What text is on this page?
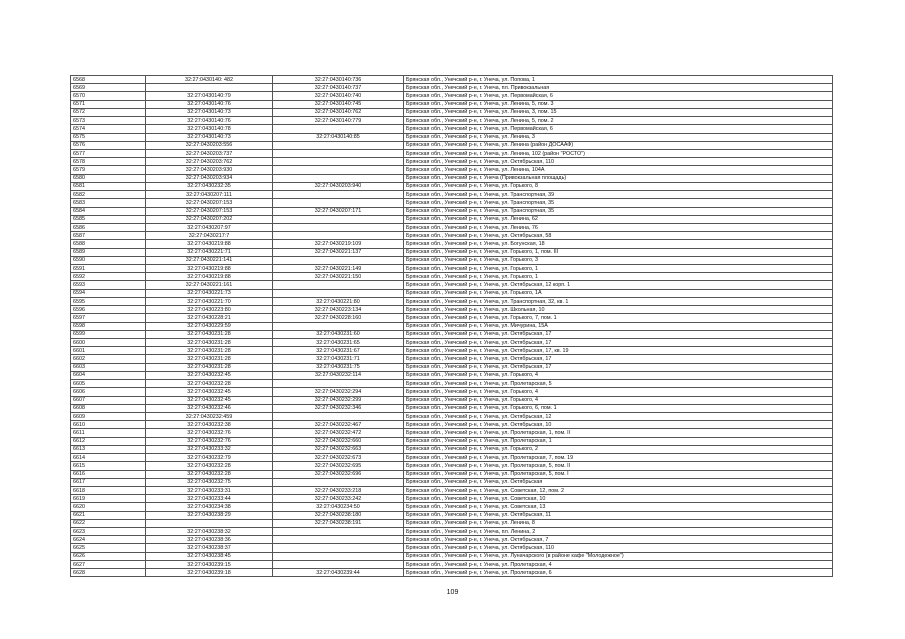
6568	32:27:0430140: 482	32:27:0430140:736	Брянская обл., Унечский р-н, г. Унеча, ул. Попова, 1
6569		32:27:0430140:737	Брянская обл., Унечский р-н, г. Унеча, пл. Привокзальная
6570	32:27:0430140:79	32:27:0430140:740	Брянская обл., Унечский р-н, г. Унеча, ул. Первомайская, 6
6571	32:27:0430140:76	32:27:0430140:745	Брянская обл., Унечский р-н, г. Унеча, ул. Ленина, 5, пом. 3
6572	32:27:0430140:73	32:27:0430140:762	Брянская обл., Унечский р-н, г. Унеча, ул. Ленина, 3, пом. 15
6573	32:27:0430140:76	32:27:0430140:779	Брянская обл., Унечский р-н, г. Унеча, ул. Ленина, 5, пом. 2
6574	32:27:0430140:78		Брянская обл., Унечский р-н, г. Унеча, ул. Первомайская, 6
6575	32:27:0430140:73	32:27:0430140:85	Брянская обл., Унечский р-н, г. Унеча, ул. Ленина, 3
6576	32:27:0430203:556		Брянская обл., Унечский р-н, г. Унеча, ул. Ленина (район ДОСААФ)
6577	32:27:0430203:737		Брянская обл., Унечский р-н, г. Унеча, ул. Ленина, 102 (район "РОСТО")
6578	32:27:0430203:762		Брянская обл., Унечский р-н, г. Унеча, ул. Октябрьская, 110
6579	32:27:0430203:930		Брянская обл., Унечский р-н, г. Унеча, ул. Ленина, 104А
6580	32:27:0430203:934		Брянская обл., Унечский р-н, г. Унеча (Привокзальная площадь)
6581	32:27:0430232:35	32:27:0430203:940	Брянская обл., Унечский р-н, г. Унеча, ул. Горького, 8
6582	32:27:0430207:111		Брянская обл., Унечский р-н, г. Унеча, ул. Транспортная, 39
6583	32:27:0430207:153		Брянская обл., Унечский р-н, г. Унеча, ул. Транспортная, 35
6584	32:27:0430207:153	32:27:0430207:171	Брянская обл., Унечский р-н, г. Унеча, ул. Транспортная, 35
6585	32:27:0430207:202		Брянская обл., Унечский р-н, г. Унеча, ул. Ленина, 62
6586	32:27:0430207:97		Брянская обл., Унечский р-н, г. Унеча, ул. Ленина, 76
6587	32:27:0430217:7		Брянская обл., Унечский р-н, г. Унеча, ул. Октябрьская, 58
6588	32:27:0430219:88	32:27:0430219:109	Брянская обл., Унечский р-н, г. Унеча, ул. Богунская, 18
6589	32:27:0430221:71	32:27:0430221:137	Брянская обл., Унечский р-н, г. Унеча, ул. Горького, 1, пом. III
6590	32:27:0430221:141		Брянская обл., Унечский р-н, г. Унеча, ул. Горького, 3
6591	32:27:0430219:88	32:27:0430221:149	Брянская обл., Унечский р-н, г. Унеча, ул. Горького, 1
6592	32:27:0430219:88	32:27:0430221:150	Брянская обл., Унечский р-н, г. Унеча, ул. Горького, 1
6593	32:27:0430221:161		Брянская обл., Унечский р-н, г. Унеча, ул. Октябрьская, 12 корп. 1
6594	32:27:0430221:73		Брянская обл., Унечский р-н, г. Унеча, ул. Горького, 1А
6595	32:27:0430221:70	32:27:0430221:80	Брянская обл., Унечский р-н, г. Унеча, ул. Транспортная, 32, кв. 1
6596	32:27:0430223:80	32:27:0430223:134	Брянская обл., Унечский р-н, г. Унеча, ул. Школьная, 10
6597	32:27:0430228:21	32:27:0430228:160	Брянская обл., Унечский р-н, г. Унеча, ул. Горького, 7, пом. 1
6598	32:27:0430229:59		Брянская обл., Унечский р-н, г. Унеча, ул. Мичурина, 15А
6599	32:27:0430231:28	32:27:0430231:60	Брянская обл., Унечский р-н, г. Унеча, ул. Октябрьская, 17
6600	32:27:0430231:28	32:27:0430231:65	Брянская обл., Унечский р-н, г. Унеча, ул. Октябрьская, 17
6601	32:27:0430231:28	32:27:0430231:67	Брянская обл., Унечский р-н, г. Унеча, ул. Октябрьская, 17, кв. 19
6602	32:27:0430231:28	32:27:0430231:71	Брянская обл., Унечский р-н, г. Унеча, ул. Октябрьская, 17
6603	32:27:0430231:28	32:27:0430231:75	Брянская обл., Унечский р-н, г. Унеча, ул. Октябрьская, 17
6604	32:27:0430232:45	32:27:0430232:114	Брянская обл., Унечский р-н, г. Унеча, ул. Горького, 4
6605	32:27:0430232:28		Брянская обл., Унечский р-н, г. Унеча, ул. Пролетарская, 5
6606	32:27:0430232:45	32:27:0430232:294	Брянская обл., Унечский р-н, г. Унеча, ул. Горького, 4
6607	32:27:0430232:45	32:27:0430232:299	Брянская обл., Унечский р-н, г. Унеча, ул. Горького, 4
6608	32:27:0430232:46	32:27:0430232:346	Брянская обл., Унечский р-н, г. Унеча, ул. Горького, 6, пом. 1
6609	32:27:0430232:459		Брянская обл., Унечский р-н, г. Унеча, ул. Октябрьская, 12
6610	32:27:0430232:38	32:27:0430232:467	Брянская обл., Унечский р-н, г. Унеча, ул. Октябрьская, 10
6611	32:27:0430232:76	32:27:0430232:472	Брянская обл., Унечский р-н, г. Унеча, ул. Пролетарская, 1, пом. II
6612	32:27:0430232:76	32:27:0430232:660	Брянская обл., Унечский р-н, г. Унеча, ул. Пролетарская, 1
6613	32:27:0430233:32	32:27:0430232:663	Брянская обл., Унечский р-н, г. Унеча, ул. Горького, 2
6614	32:27:0430232:79	32:27:0430232:673	Брянская обл., Унечский р-н, г. Унеча, ул. Пролетарская, 7, пом. 19
6615	32:27:0430232:28	32:27:0430232:695	Брянская обл., Унечский р-н, г. Унеча, ул. Пролетарская, 5, пом. II
6616	32:27:0430232:28	32:27:0430232:696	Брянская обл., Унечский р-н, г. Унеча, ул. Пролетарская, 5, пом. I
6617	32:27:0430232:75		Брянская обл., Унечский р-н, г. Унеча, ул. Октябрьская
6618	32:27:0430233:31	32:27:0430233:218	Брянская обл., Унечский р-н, г. Унеча, ул. Советская, 12, пом. 2
6619	32:27:0430233:44	32:27:0430233:242	Брянская обл., Унечский р-н, г. Унеча, ул. Советская, 10
6620	32:27:0430234:38	32:27:0430234:50	Брянская обл., Унечский р-н, г. Унеча, ул. Советская, 13
6621	32:27:0430238:29	32:27:0430238:180	Брянская обл., Унечский р-н, г. Унеча, ул. Октябрьская, 11
6622		32:27:0430238:191	Брянская обл., Унечский р-н, г. Унеча, ул. Ленина, 8
6623	32:27:0430238:32		Брянская обл., Унечский р-н, г. Унеча, пл. Ленина, 2
6624	32:27:0430238:36		Брянская обл., Унечский р-н, г. Унеча, ул. Октябрьская, 7
6625	32:27:0430238:37		Брянская обл., Унечский р-н, г. Унеча, ул. Октябрьская, 110
6626	32:27:0430238:45		Брянская обл., Унечский р-н, г. Унеча, ул. Луначарского (в районе кафе "Молодежное")
6627	32:27:0430239:15		Брянская обл., Унечский р-н, г. Унеча, ул. Пролетарская, 4
6628	32:27:0430239:18	32:27:0430239:44	Брянская обл., Унечский р-н, г. Унеча, ул. Пролетарская, 6
109
